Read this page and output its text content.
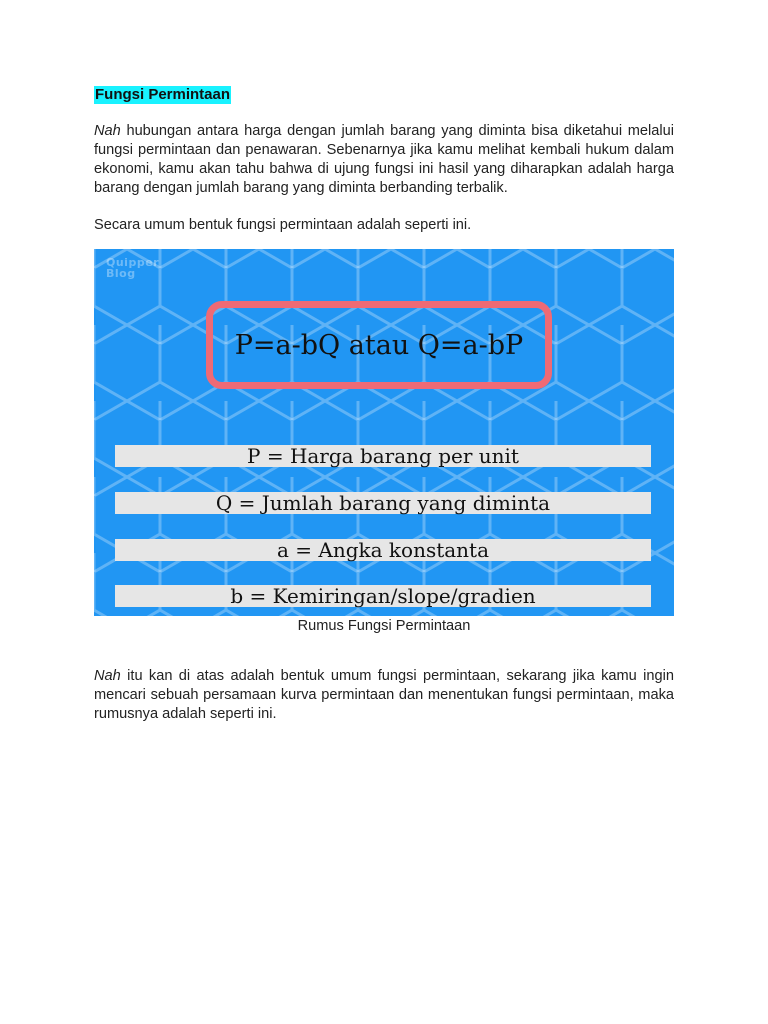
Fungsi Permintaan

Nah hubungan antara harga dengan jumlah barang yang diminta bisa diketahui melalui fungsi permintaan dan penawaran. Sebenarnya jika kamu melihat kembali hukum dalam ekonomi, kamu akan tahu bahwa di ujung fungsi ini hasil yang diharapkan adalah harga barang dengan jumlah barang yang diminta berbanding terbalik.

Secara umum bentuk fungsi permintaan adalah seperti ini.

Quipper
Blog
P=a-bQ atau Q=a-bP
P = Harga barang per unit
Q = Jumlah barang yang diminta
a = Angka konstanta
b = Kemiringan/slope/gradien
Rumus Fungsi Permintaan

Nah itu kan di atas adalah bentuk umum fungsi permintaan, sekarang jika kamu ingin mencari sebuah persamaan kurva permintaan dan menentukan fungsi permintaan, maka rumusnya adalah seperti ini.
